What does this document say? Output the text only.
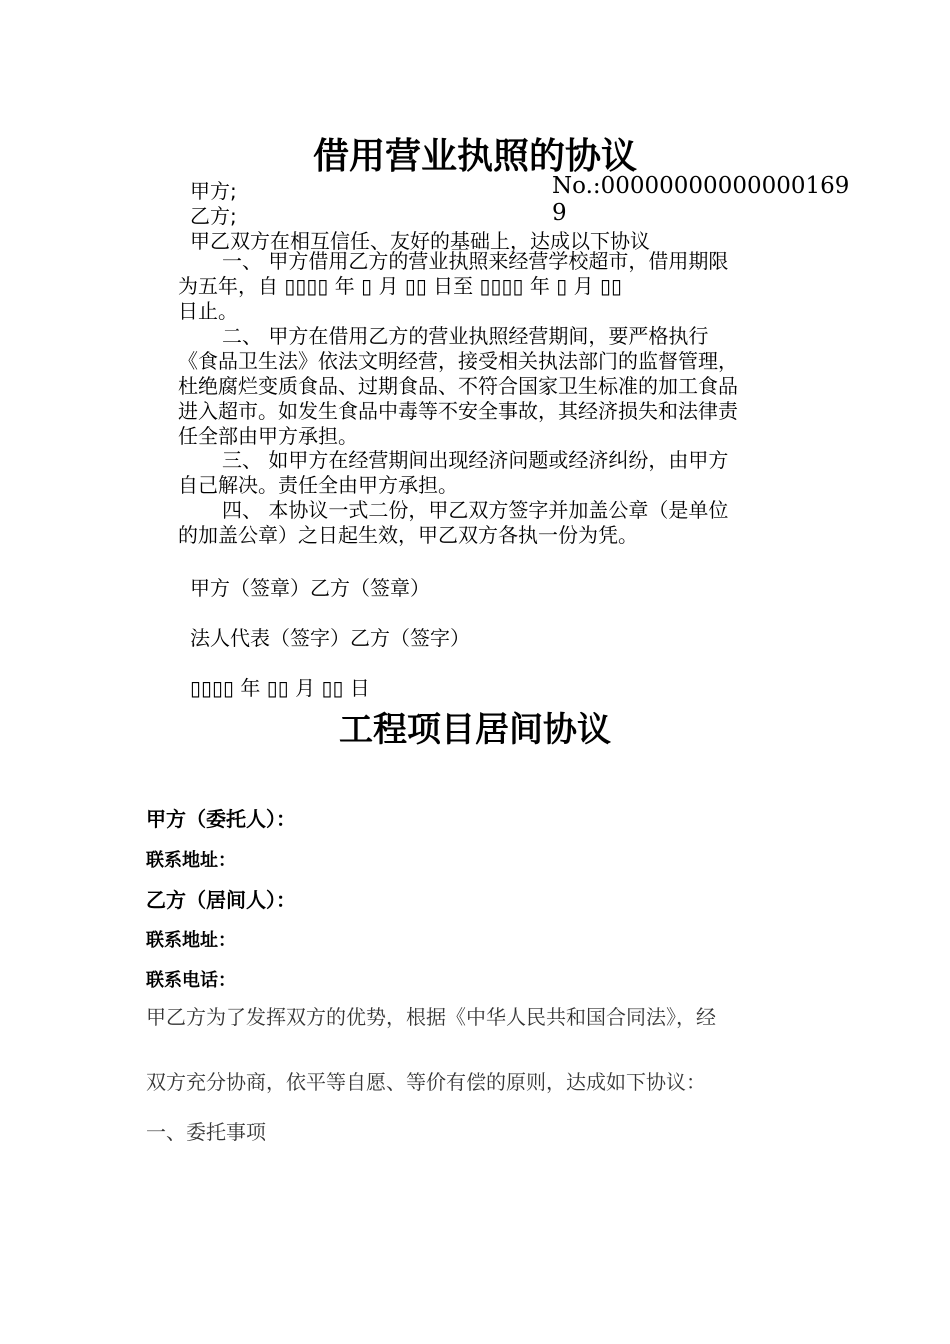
借用营业执照的协议
甲方;
乙方;
No.:000000000000001699
甲乙双方在相互信任、友好的基础上，达成以下协议
一、 甲方借用乙方的营业执照来经营学校超市，借用期限
为五年，自 ▯▯▯▯ 年 ▯ 月 ▯▯ 日至 ▯▯▯▯ 年 ▯ 月 ▯▯
日止。
二、 甲方在借用乙方的营业执照经营期间，要严格执行
《食品卫生法》依法文明经营，接受相关执法部门的监督管理，
杜绝腐烂变质食品、过期食品、不符合国家卫生标准的加工食品
进入超市。如发生食品中毒等不安全事故，其经济损失和法律责
任全部由甲方承担。
三、 如甲方在经营期间出现经济问题或经济纠纷，由甲方
自己解决。责任全由甲方承担。
四、 本协议一式二份，甲乙双方签字并加盖公章（是单位
的加盖公章）之日起生效，甲乙双方各执一份为凭。
甲方（签章）乙方（签章）
法人代表（签字）乙方（签字）
▯▯▯▯ 年 ▯▯ 月 ▯▯ 日
工程项目居间协议
甲方（委托人）：
联系地址：
乙方（居间人）：
联系地址：
联系电话：
甲乙方为了发挥双方的优势，根据《中华人民共和国合同法》，经
双方充分协商，依平等自愿、等价有偿的原则，达成如下协议：
一、委托事项
